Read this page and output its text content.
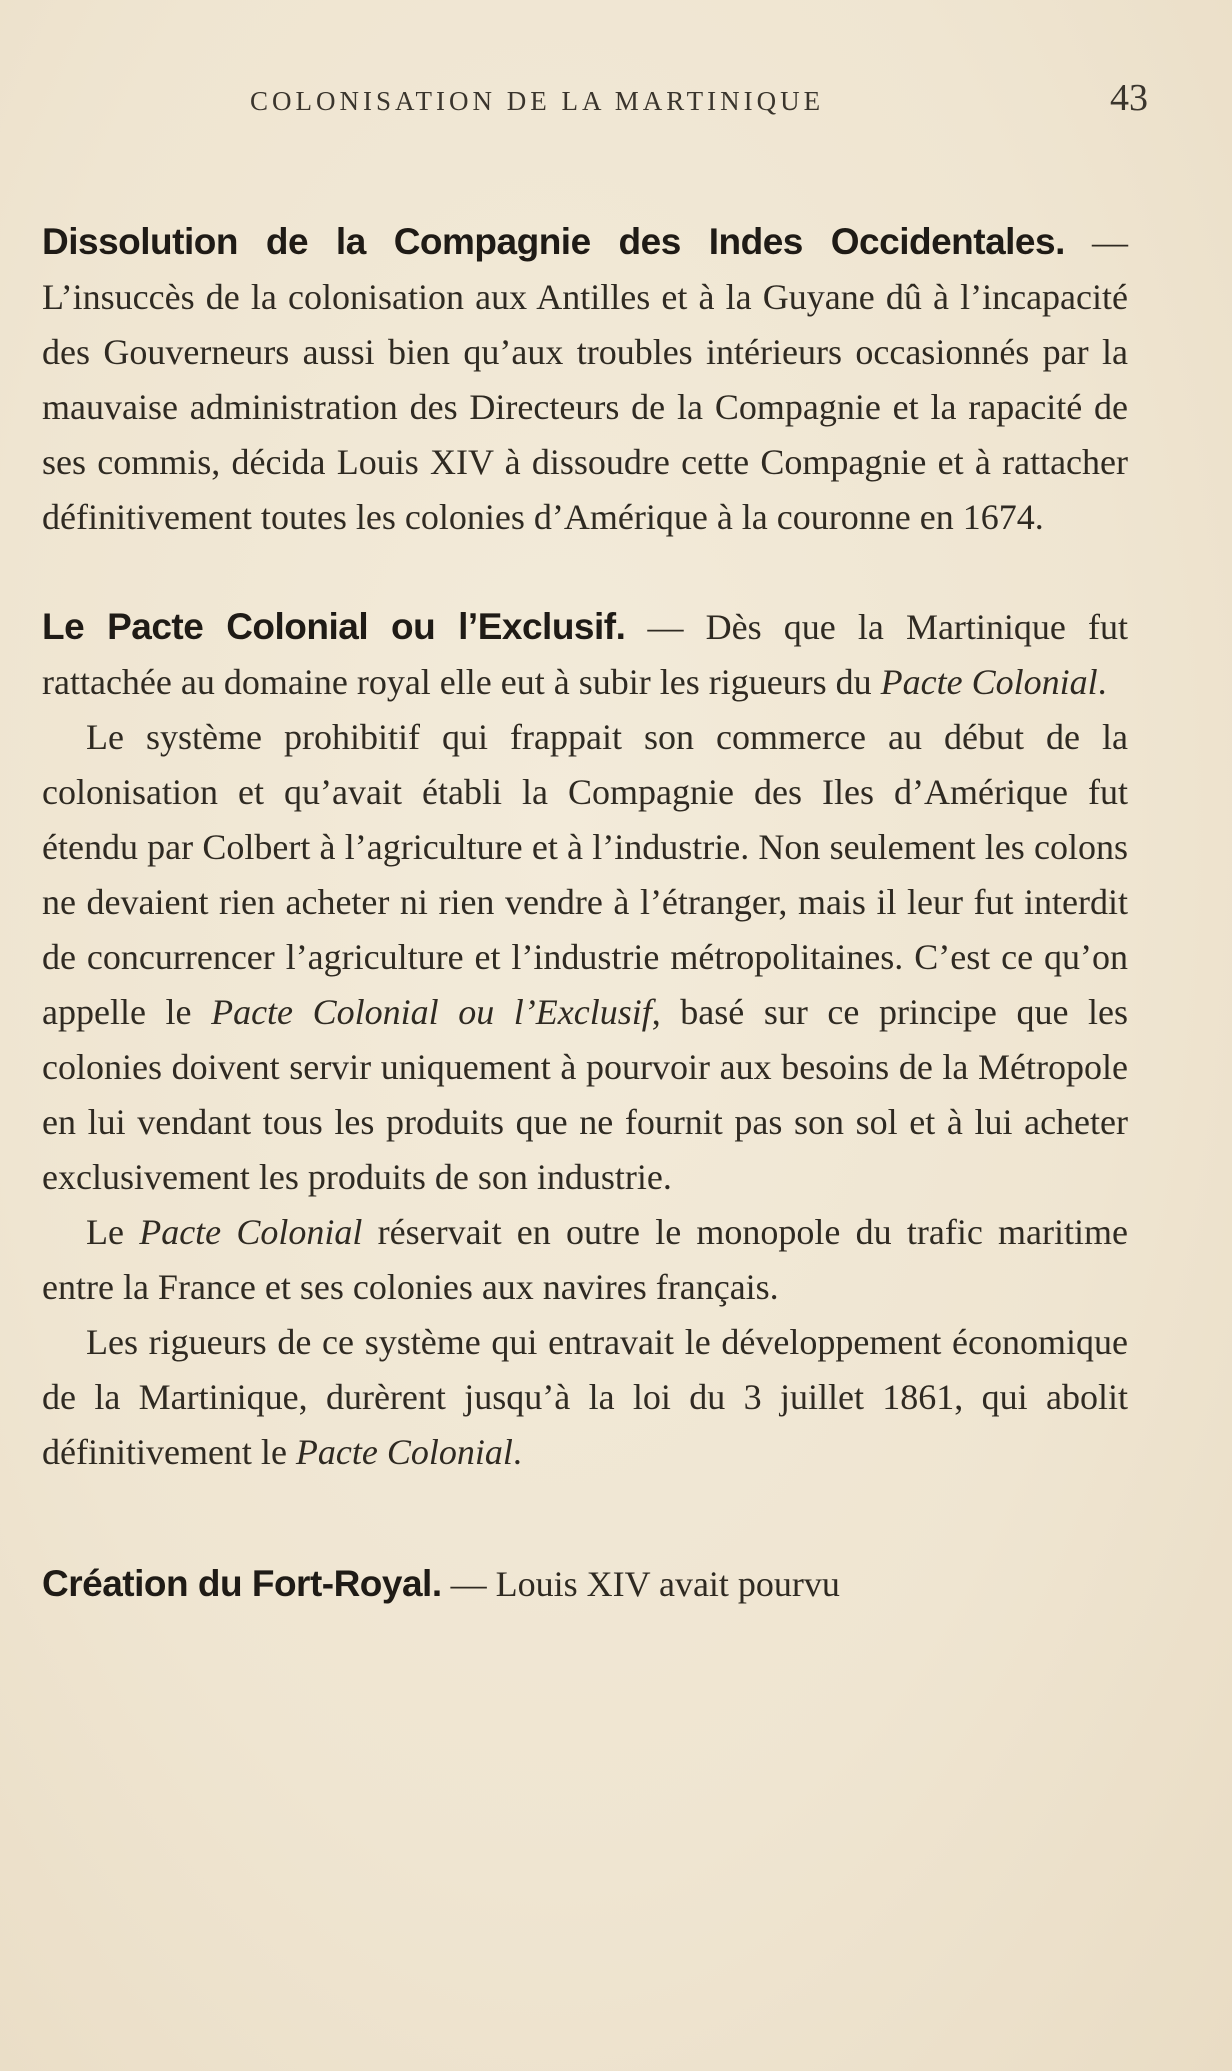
COLONISATION DE LA MARTINIQUE	43

Dissolution de la Compagnie des Indes Occidentales. — L’insuccès de la colonisation aux Antilles et à la Guyane dû à l’incapacité des Gouverneurs aussi bien qu’aux troubles intérieurs occasionnés par la mauvaise administration des Directeurs de la Compagnie et la rapacité de ses commis, décida Louis XIV à dissoudre cette Compagnie et à rattacher définitivement toutes les colonies d’Amérique à la couronne en 1674.

Le Pacte Colonial ou l’Exclusif. — Dès que la Martinique fut rattachée au domaine royal elle eut à subir les rigueurs du Pacte Colonial.

Le système prohibitif qui frappait son commerce au début de la colonisation et qu’avait établi la Compagnie des Iles d’Amérique fut étendu par Colbert à l’agriculture et à l’industrie. Non seulement les colons ne devaient rien acheter ni rien vendre à l’étranger, mais il leur fut interdit de concurrencer l’agriculture et l’industrie métropolitaines. C’est ce qu’on appelle le Pacte Colonial ou l’Exclusif, basé sur ce principe que les colonies doivent servir uniquement à pourvoir aux besoins de la Métropole en lui vendant tous les produits que ne fournit pas son sol et à lui acheter exclusivement les produits de son industrie.

Le Pacte Colonial réservait en outre le monopole du trafic maritime entre la France et ses colonies aux navires français.

Les rigueurs de ce système qui entravait le développement économique de la Martinique, durèrent jusqu’à la loi du 3 juillet 1861, qui abolit définitivement le Pacte Colonial.

Création du Fort-Royal. — Louis XIV avait pourvu
